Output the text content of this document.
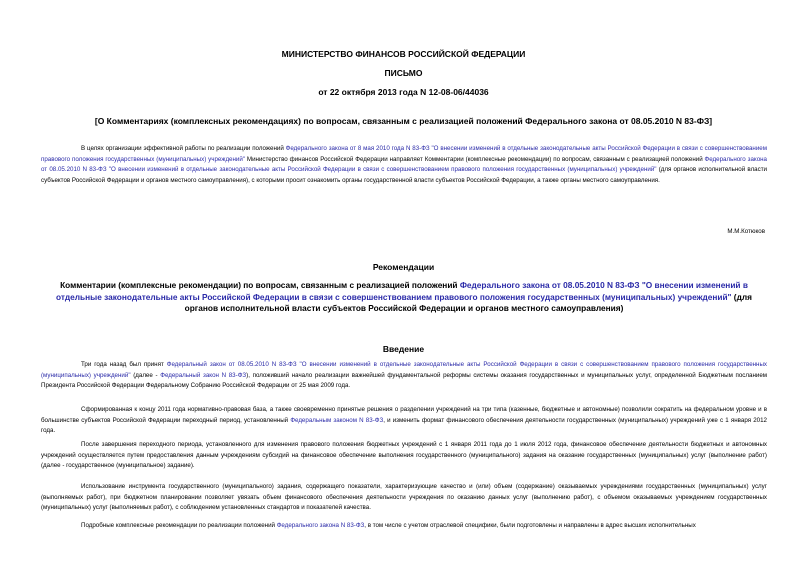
МИНИСТЕРСТВО ФИНАНСОВ РОССИЙСКОЙ ФЕДЕРАЦИИ
ПИСЬМО
от 22 октября 2013 года N 12-08-06/44036
[О Комментариях (комплексных рекомендациях) по вопросам, связанным с реализацией положений Федерального закона от 08.05.2010 N 83-ФЗ]
В целях организации эффективной работы по реализации положений Федерального закона от 8 мая 2010 года N 83-ФЗ "О внесении изменений в отдельные законодательные акты Российской Федерации в связи с совершенствованием правового положения государственных (муниципальных) учреждений" Министерство финансов Российской Федерации направляет Комментарии (комплексные рекомендации) по вопросам, связанным с реализацией положений Федерального закона от 08.05.2010 N 83-ФЗ "О внесении изменений в отдельные законодательные акты Российской Федерации в связи с совершенствованием правового положения государственных (муниципальных) учреждений" (для органов исполнительной власти субъектов Российской Федерации и органов местного самоуправления), с которыми просит ознакомить органы государственной власти субъектов Российской Федерации, а также органы местного самоуправления.
М.М.Котюков
Рекомендации
Комментарии (комплексные рекомендации) по вопросам, связанным с реализацией положений Федерального закона от 08.05.2010 N 83-ФЗ "О внесении изменений в отдельные законодательные акты Российской Федерации в связи с совершенствованием правового положения государственных (муниципальных) учреждений" (для органов исполнительной власти субъектов Российской Федерации и органов местного самоуправления)
Введение
Три года назад был принят Федеральный закон от 08.05.2010 N 83-ФЗ "О внесении изменений в отдельные законодательные акты Российской Федерации в связи с совершенствованием правового положения государственных (муниципальных) учреждений" (далее - Федеральный закон N 83-ФЗ), положивший начало реализации важнейшей фундаментальной реформы системы оказания государственных и муниципальных услуг, определенной Бюджетным посланием Президента Российской Федерации Федеральному Собранию Российской Федерации от 25 мая 2009 года.
Сформированная к концу 2011 года нормативно-правовая база, а также своевременно принятые решения о разделении учреждений на три типа (казенные, бюджетные и автономные) позволили сократить на федеральном уровне и в большинстве субъектов Российской Федерации переходный период, установленный Федеральным законом N 83-ФЗ, и изменить формат финансового обеспечения деятельности государственных (муниципальных) учреждений уже с 1 января 2012 года.
После завершения переходного периода, установленного для изменения правового положения бюджетных учреждений с 1 января 2011 года до 1 июля 2012 года, финансовое обеспечение деятельности бюджетных и автономных учреждений осуществляется путем предоставления данным учреждениям субсидий на финансовое обеспечение выполнения государственного (муниципального) задания на оказание государственных (муниципальных) услуг (выполнение работ) (далее - государственное (муниципальное) задание).
Использование инструмента государственного (муниципального) задания, содержащего показатели, характеризующие качество и (или) объем (содержание) оказываемых учреждениями государственных (муниципальных) услуг (выполняемых работ), при бюджетном планировании позволяет увязать объем финансового обеспечения деятельности учреждения по оказанию данных услуг (выполнению работ), с объемом оказываемых учреждением государственных (муниципальных) услуг (выполняемых работ), с соблюдением установленных стандартов и показателей качества.
Подробные комплексные рекомендации по реализации положений Федерального закона N 83-ФЗ, в том числе с учетом отраслевой специфики, были подготовлены и направлены в адрес высших исполнительных
